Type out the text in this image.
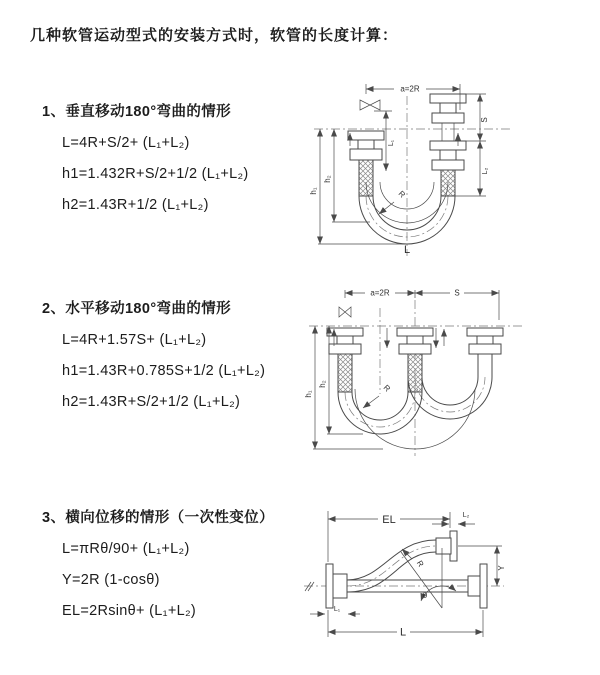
几种软管运动型式的安装方式时，软管的长度计算：
1、垂直移动180°弯曲的情形
L=4R+S/2+ (L₁+L₂)
h1=1.432R+S/2+1/2 (L₁+L₂)
h2=1.43R+1/2 (L₁+L₂)
2、水平移动180°弯曲的情形
L=4R+1.57S+ (L₁+L₂)
h1=1.43R+0.785S+1/2 (L₁+L₂)
h2=1.43R+S/2+1/2 (L₁+L₂)
3、横向位移的情形（一次性变位）
L=πRθ/90+ (L₁+L₂)
Y=2R (1-cosθ)
EL=2Rsinθ+ (L₁+L₂)
a=2R
h₁
h₂
S
L₂
L₁
R
L
a=2R	S
h₁
h₂	R
EL	L₂
Y
L
L₁
θ
R
